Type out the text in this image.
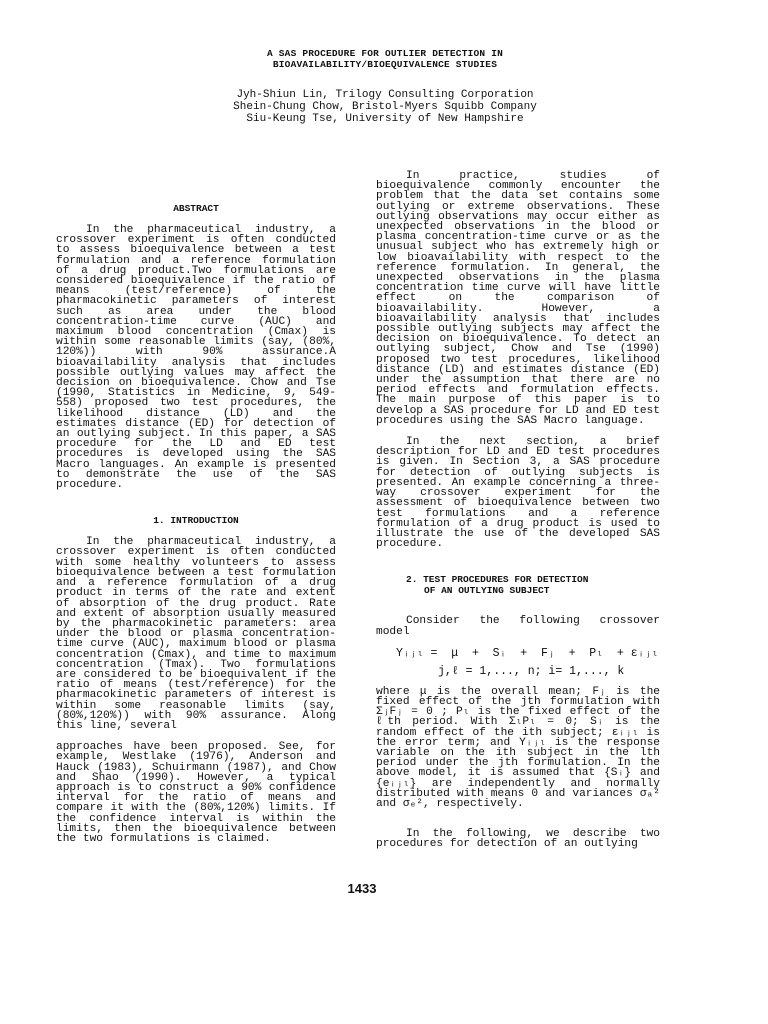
A SAS PROCEDURE FOR OUTLIER DETECTION IN

BIOAVAILABILITY/BIOEQUIVALENCE STUDIES

Jyh-Shiun Lin, Trilogy Consulting Corporation

Shein-Chung Chow, Bristol-Myers Squibb Company

Siu-Keung Tse, University of New Hampshire

ABSTRACT

In the pharmaceutical industry, a crossover experiment is often conducted to assess bioequivalence between a test formulation and a reference formulation of a drug product.Two formulations are considered bioequivalence if the ratio of means (test/reference) of the pharmacokinetic parameters of interest such as area under the blood concentration-time curve (AUC) and maximum blood concentration (Cmax) is within some reasonable limits (say, (80%, 120%)) with 90% assurance.A bioavailability analysis that includes possible outlying values may affect the decision on bioequivalence. Chow and Tse (1990, Statistics in Medicine, 9, 549-558) proposed two test procedures, the likelihood distance (LD) and the estimates distance (ED) for detection of an outlying subject. In this paper, a SAS procedure for the LD and ED test procedures is developed using the SAS Macro languages. An example is presented to demonstrate the use of the SAS procedure.

1. INTRODUCTION

In the pharmaceutical industry, a crossover experiment is often conducted with some healthy volunteers to assess bioequivalence between a test formulation and a reference formulation of a drug product in terms of the rate and extent of absorption of the drug product. Rate and extent of absorption usually measured by the pharmacokinetic parameters: area under the blood or plasma concentration-time curve (AUC), maximum blood or plasma concentration (Cmax), and time to maximum concentration (Tmax). Two formulations are considered to be bioequivalent if the ratio of means (test/reference) for the pharmacokinetic parameters of interest is within some reasonable limits (say, (80%,120%)) with 90% assurance. Along this line, several

approaches have been proposed. See, for example, Westlake (1976), Anderson and Hauck (1983), Schuirmann (1987), and Chow and Shao (1990). However, a typical approach is to construct a 90% confidence interval for the ratio of means and compare it with the (80%,120%) limits. If the confidence interval is within the limits, then the bioequivalence between the two formulations is claimed.

In practice, studies of bioequivalence commonly encounter the problem that the data set contains some outlying or extreme observations. These outlying observations may occur either as unexpected observations in the blood or plasma concentration-time curve or as the unusual subject who has extremely high or low bioavailability with respect to the reference formulation. In general, the unexpected observations in the plasma concentration time curve will have little effect on the comparison of bioavailability. However, a bioavailability analysis that includes possible outlying subjects may affect the decision on bioequivalence. To detect an outlying subject, Chow and Tse (1990) proposed two test procedures, likelihood distance (LD) and estimates distance (ED) under the assumption that there are no period effects and formulation effects. The main purpose of this paper is to develop a SAS procedure for LD and ED test procedures using the SAS Macro language.

In the next section, a brief description for LD and ED test procedures is given. In Section 3, a SAS procedure for detection of outlying subjects is presented. An example concerning a three-way crossover experiment for the assessment of bioequivalence between two test formulations and a reference formulation of a drug product is used to illustrate the use of the developed SAS procedure.

2. TEST PROCEDURES FOR DETECTION

OF AN OUTLYING SUBJECT

Consider the following crossover model

Yᵢⱼₗ =  μ  +  Sᵢ  +  Fⱼ  +  Pₗ  + εᵢⱼₗ
j,ℓ = 1,..., n; i= 1,..., k

where μ is the overall mean; Fⱼ is the fixed effect of the jth formulation with ΣⱼFⱼ = 0 ; Pₗ is the fixed effect of the ℓth period. With ΣₗPₗ = 0; Sᵢ is the random effect of the ith subject; εᵢⱼₗ is the error term; and Yᵢⱼₗ is the response variable on the ith subject in the lth period under the jth formulation. In the above model, it is assumed that {Sᵢ} and {eᵢⱼₗ} are independently and normally distributed with means 0 and variances σₐ² and σₑ², respectively.

In the following, we describe two procedures for detection of an outlying

1433
